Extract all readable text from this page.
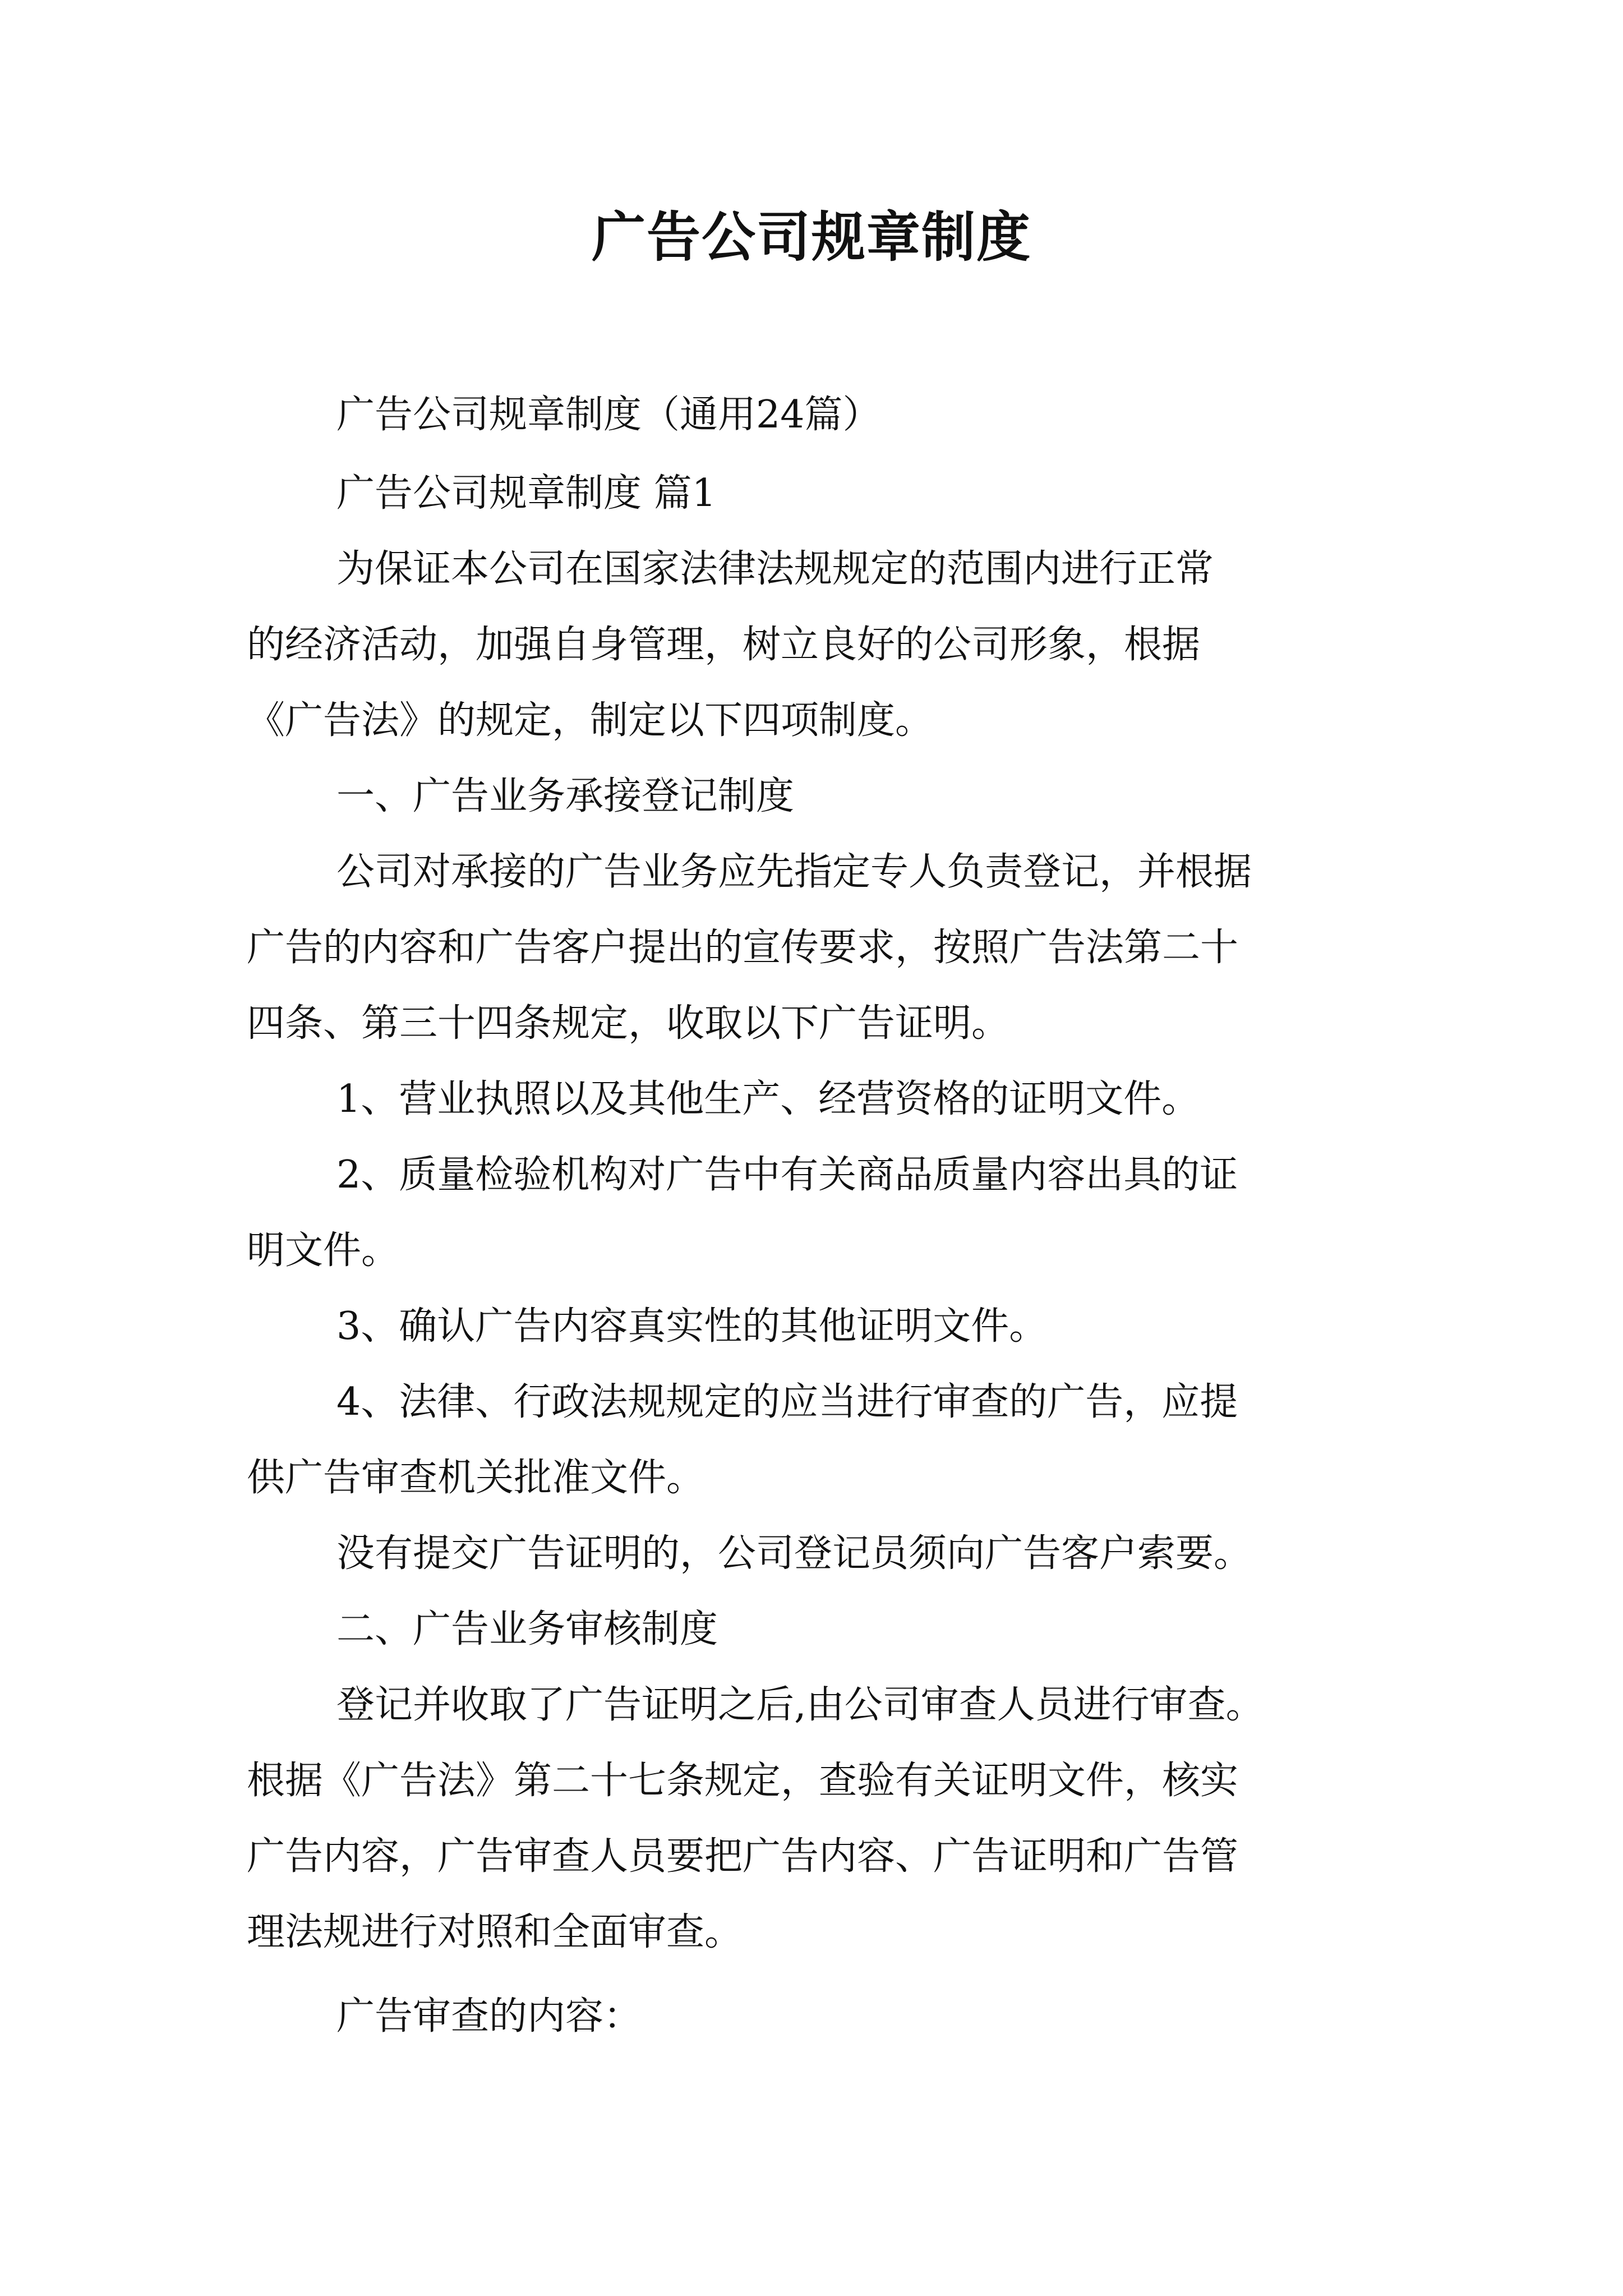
广告公司规章制度
广告公司规章制度（通用24篇）
广告公司规章制度 篇1
为保证本公司在国家法律法规规定的范围内进行正常
的经济活动，加强自身管理，树立良好的公司形象，根据
《广告法》的规定，制定以下四项制度。
一、广告业务承接登记制度
公司对承接的广告业务应先指定专人负责登记，并根据
广告的内容和广告客户提出的宣传要求，按照广告法第二十
四条、第三十四条规定，收取以下广告证明。
1、营业执照以及其他生产、经营资格的证明文件。
2、质量检验机构对广告中有关商品质量内容出具的证
明文件。
3、确认广告内容真实性的其他证明文件。
4、法律、行政法规规定的应当进行审查的广告，应提
供广告审查机关批准文件。
没有提交广告证明的，公司登记员须向广告客户索要。
二、广告业务审核制度
登记并收取了广告证明之后,由公司审查人员进行审查。
根据《广告法》第二十七条规定，查验有关证明文件，核实
广告内容，广告审查人员要把广告内容、广告证明和广告管
理法规进行对照和全面审查。
广告审查的内容：
